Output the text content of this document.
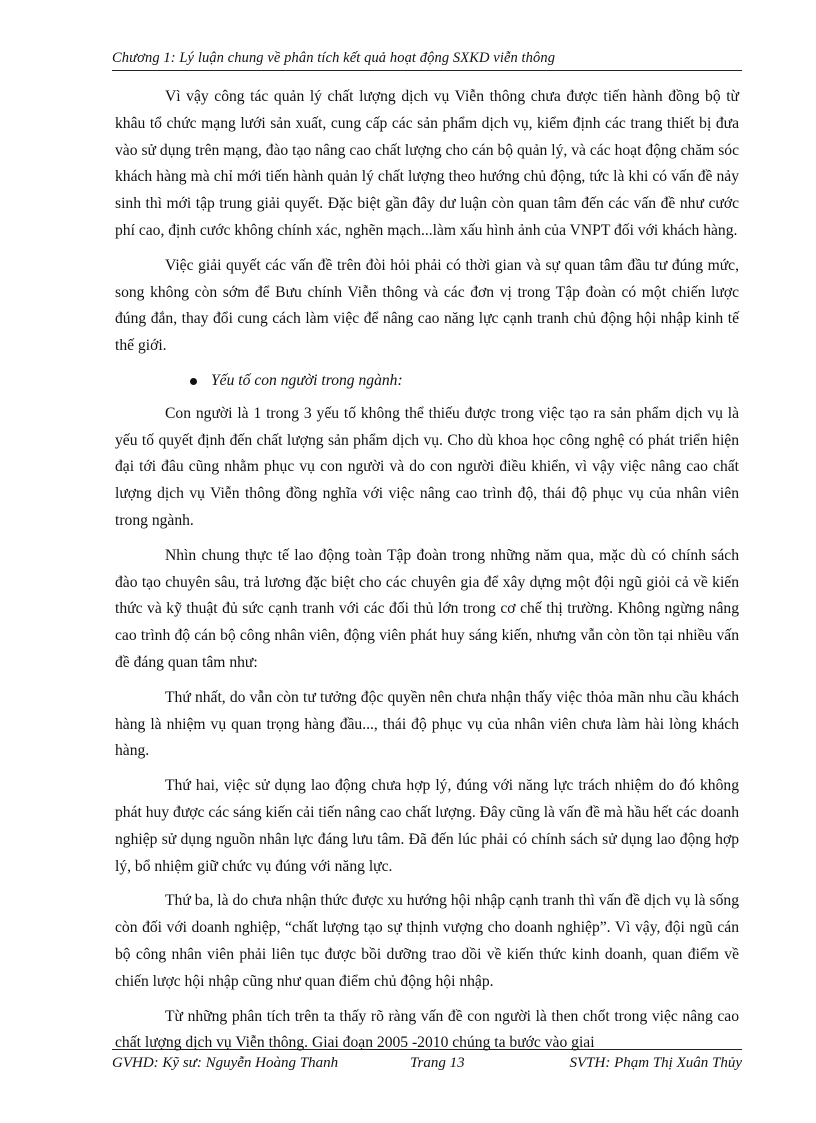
Chương 1: Lý luận chung về phân tích kết quả hoạt động SXKD viễn thông

Vì vậy công tác quản lý chất lượng dịch vụ Viễn thông chưa được tiến hành đồng bộ từ khâu tổ chức mạng lưới sản xuất, cung cấp các sản phẩm dịch vụ, kiểm định các trang thiết bị đưa vào sử dụng trên mạng, đào tạo nâng cao chất lượng cho cán bộ quản lý, và các hoạt động chăm sóc khách hàng mà chỉ mới tiến hành quản lý chất lượng theo hướng chủ động, tức là khi có vấn đề nảy sinh thì mới tập trung giải quyết. Đặc biệt gần đây dư luận còn quan tâm đến các vấn đề như cước phí cao, định cước không chính xác, nghẽn mạch...làm xấu hình ảnh của VNPT đối với khách hàng.

Việc giải quyết các vấn đề trên đòi hỏi phải có thời gian và sự quan tâm đầu tư đúng mức, song không còn sớm để Bưu chính Viễn thông và các đơn vị trong Tập đoàn có một chiến lược đúng đắn, thay đổi cung cách làm việc để nâng cao năng lực cạnh tranh chủ động hội nhập kinh tế thế giới.

Yếu tố con người trong ngành:

Con người là 1 trong 3 yếu tố không thể thiếu được trong việc tạo ra sản phẩm dịch vụ là yếu tố quyết định đến chất lượng sản phẩm dịch vụ. Cho dù khoa học công nghệ có phát triển hiện đại tới đâu cũng nhằm phục vụ con người và do con người điều khiển, vì vậy việc nâng cao chất lượng dịch vụ Viễn thông đồng nghĩa với việc nâng cao trình độ, thái độ phục vụ của nhân viên trong ngành.

Nhìn chung thực tế lao động toàn Tập đoàn trong những năm qua, mặc dù có chính sách đào tạo chuyên sâu, trả lương đặc biệt cho các chuyên gia để xây dựng một đội ngũ giỏi cả về kiến thức và kỹ thuật đủ sức cạnh tranh với các đối thủ lớn trong cơ chế thị trường. Không ngừng nâng cao trình độ cán bộ công nhân viên, động viên phát huy sáng kiến, nhưng vẫn còn tồn tại nhiều vấn đề đáng quan tâm như:

Thứ nhất, do vẫn còn tư tưởng độc quyền nên chưa nhận thấy việc thỏa mãn nhu cầu khách hàng là nhiệm vụ quan trọng hàng đầu..., thái độ phục vụ của nhân viên chưa làm hài lòng khách hàng.

Thứ hai, việc sử dụng lao động chưa hợp lý, đúng với năng lực trách nhiệm do đó không phát huy được các sáng kiến cải tiến nâng cao chất lượng. Đây cũng là vấn đề mà hầu hết các doanh nghiệp sử dụng nguồn nhân lực đáng lưu tâm. Đã đến lúc phải có chính sách sử dụng lao động hợp lý, bổ nhiệm giữ chức vụ đúng với năng lực.

Thứ ba, là do chưa nhận thức được xu hướng hội nhập cạnh tranh thì vấn đề dịch vụ là sống còn đối với doanh nghiệp, “chất lượng tạo sự thịnh vượng cho doanh nghiệp”. Vì vậy, đội ngũ cán bộ công nhân viên phải liên tục được bồi dưỡng trao dồi về kiến thức kinh doanh, quan điểm về chiến lược hội nhập cũng như quan điểm chủ động hội nhập.

Từ những phân tích trên ta thấy rõ ràng vấn đề con người là then chốt trong việc nâng cao chất lượng dịch vụ Viễn thông. Giai đoạn 2005 -2010 chúng ta bước vào giai

GVHD: Kỹ sư: Nguyễn Hoàng Thanh	Trang 13	SVTH: Phạm Thị Xuân Thủy
